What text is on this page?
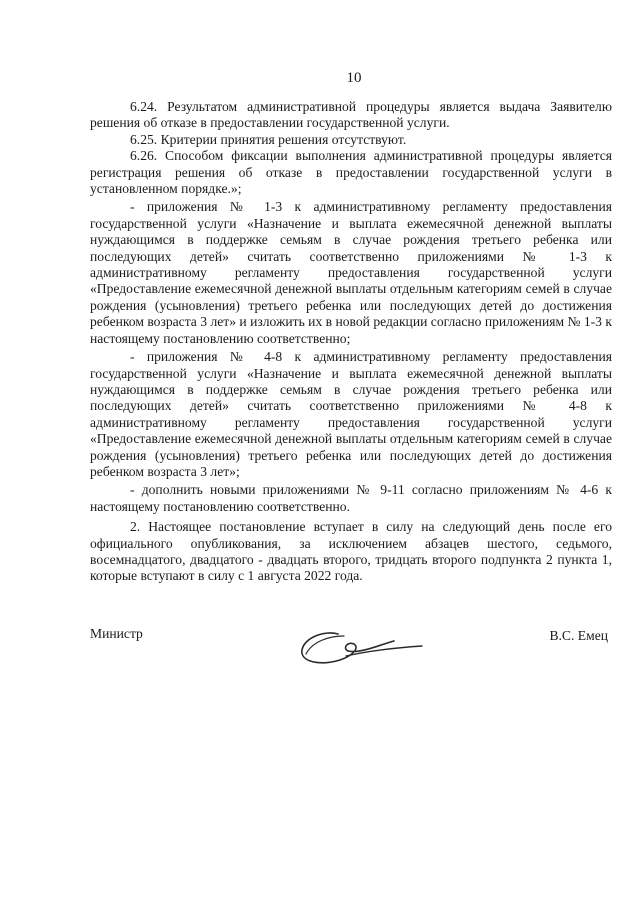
10

6.24. Результатом административной процедуры является выдача Заявителю решения об отказе в предоставлении государственной услуги.

6.25. Критерии принятия решения отсутствуют.

6.26. Способом фиксации выполнения административной процедуры является регистрация решения об отказе в предоставлении государственной услуги в установленном порядке.»;

- приложения № 1-3 к административному регламенту предоставления государственной услуги «Назначение и выплата ежемесячной денежной выплаты нуждающимся в поддержке семьям в случае рождения третьего ребенка или последующих детей» считать соответственно приложениями № 1-3 к административному регламенту предоставления государственной услуги «Предоставление ежемесячной денежной выплаты отдельным категориям семей в случае рождения (усыновления) третьего ребенка или последующих детей до достижения ребенком возраста 3 лет» и изложить их в новой редакции согласно приложениям № 1-3 к настоящему постановлению соответственно;

- приложения № 4-8 к административному регламенту предоставления государственной услуги «Назначение и выплата ежемесячной денежной выплаты нуждающимся в поддержке семьям в случае рождения третьего ребенка или последующих детей» считать соответственно приложениями № 4-8 к административному регламенту предоставления государственной услуги «Предоставление ежемесячной денежной выплаты отдельным категориям семей в случае рождения (усыновления) третьего ребенка или последующих детей до достижения ребенком возраста 3 лет»;

- дополнить новыми приложениями № 9-11 согласно приложениям № 4-6 к настоящему постановлению соответственно.

2. Настоящее постановление вступает в силу на следующий день после его официального опубликования, за исключением абзацев шестого, седьмого, восемнадцатого, двадцатого - двадцать второго, тридцать второго подпункта 2 пункта 1, которые вступают в силу с 1 августа 2022 года.

Министр	В.С. Емец
